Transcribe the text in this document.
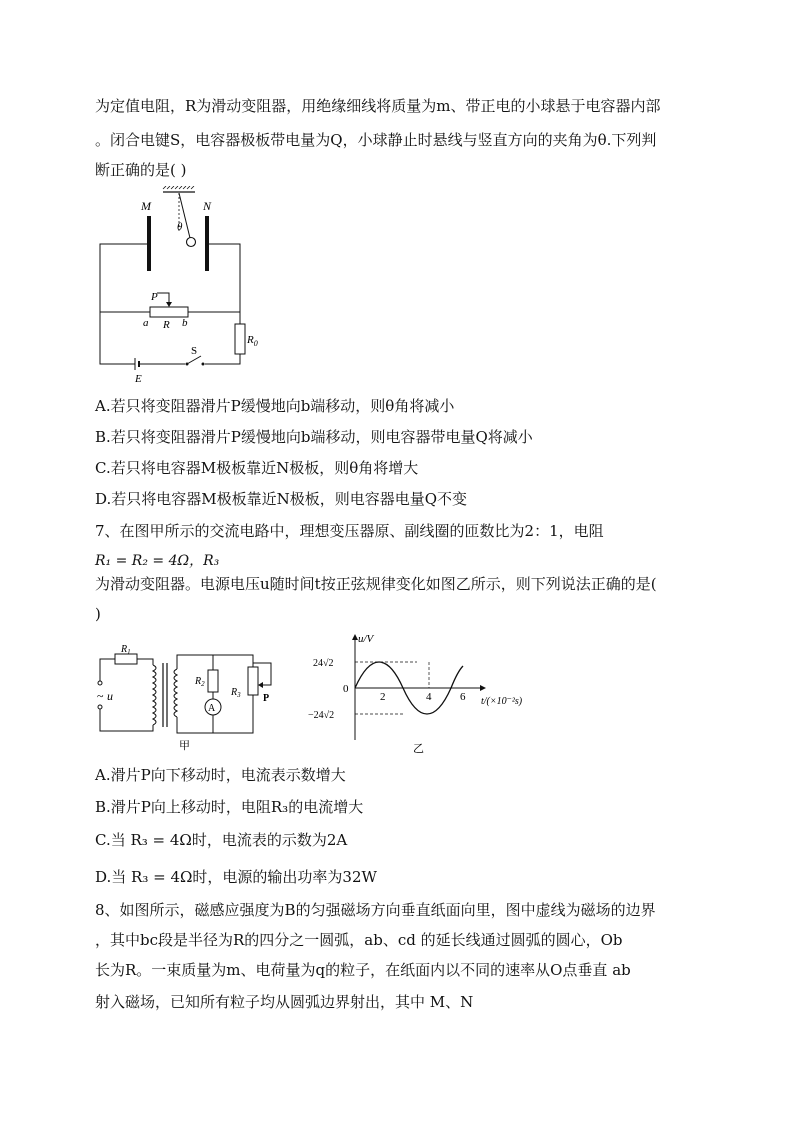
为定值电阻，R为滑动变阻器，用绝缘细线将质量为m、带正电的小球悬于电容器内部
。闭合电键S，电容器极板带电量为Q，小球静止时悬线与竖直方向的夹角为θ.下列判
断正确的是( )
θ
M	N
P
a R b
$R_0$
E
S
A.若只将变阻器滑片P缓慢地向b端移动，则θ角将减小
B.若只将变阻器滑片P缓慢地向b端移动，则电容器带电量Q将减小
C.若只将电容器M极板靠近N极板，则θ角将增大
D.若只将电容器M极板靠近N极板，则电容器电量Q不变
7、在图甲所示的交流电路中，理想变压器原、副线圈的匝数比为2：1，电阻
R₁ = R₂ = 4Ω，R₃
为滑动变阻器。电源电压u随时间t按正弦规律变化如图乙所示，则下列说法正确的是(
)
~ u
$R_1$
$R_2$
A
$R_3$ P
甲
u/V
t/(×10⁻²s)
0
24√2
−24√2
2	4	6
乙
A.滑片P向下移动时，电流表示数增大
B.滑片P向上移动时，电阻R₃的电流增大
C.当 R₃ = 4Ω时，电流表的示数为2A
D.当 R₃ = 4Ω时，电源的输出功率为32W
8、如图所示，磁感应强度为B的匀强磁场方向垂直纸面向里，图中虚线为磁场的边界
，其中bc段是半径为R的四分之一圆弧，ab、cd 的延长线通过圆弧的圆心，Ob
长为R。一束质量为m、电荷量为q的粒子，在纸面内以不同的速率从O点垂直 ab
射入磁场，已知所有粒子均从圆弧边界射出，其中 M、N
